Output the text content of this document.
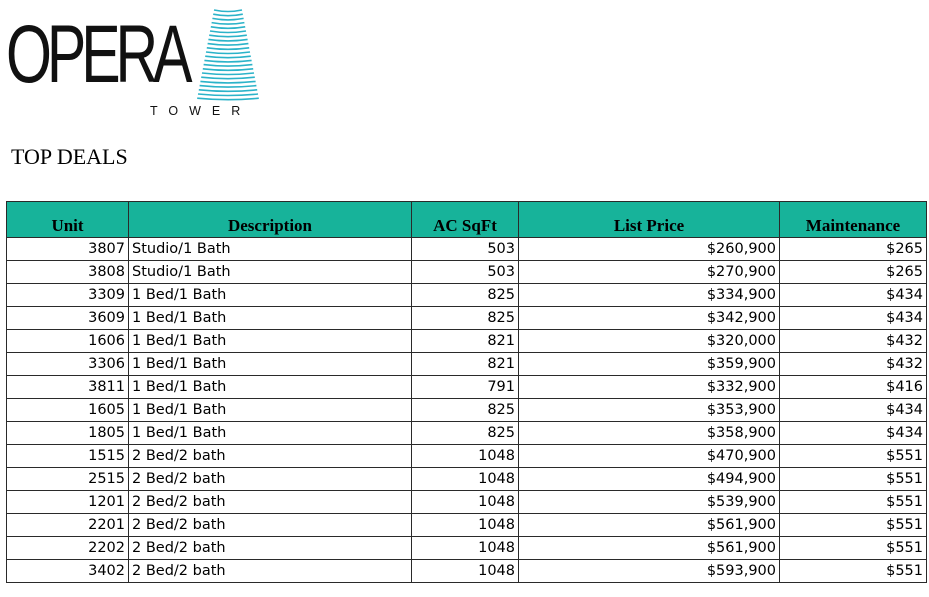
OPERA
TOWER
TOP DEALS
Unit	Description	AC SqFt	List Price	Maintenance
3807	Studio/1 Bath	503	$260,900	$265
3808	Studio/1 Bath	503	$270,900	$265
3309	1 Bed/1 Bath	825	$334,900	$434
3609	1 Bed/1 Bath	825	$342,900	$434
1606	1 Bed/1 Bath	821	$320,000	$432
3306	1 Bed/1 Bath	821	$359,900	$432
3811	1 Bed/1 Bath	791	$332,900	$416
1605	1 Bed/1 Bath	825	$353,900	$434
1805	1 Bed/1 Bath	825	$358,900	$434
1515	2 Bed/2 bath	1048	$470,900	$551
2515	2 Bed/2 bath	1048	$494,900	$551
1201	2 Bed/2 bath	1048	$539,900	$551
2201	2 Bed/2 bath	1048	$561,900	$551
2202	2 Bed/2 bath	1048	$561,900	$551
3402	2 Bed/2 bath	1048	$593,900	$551
